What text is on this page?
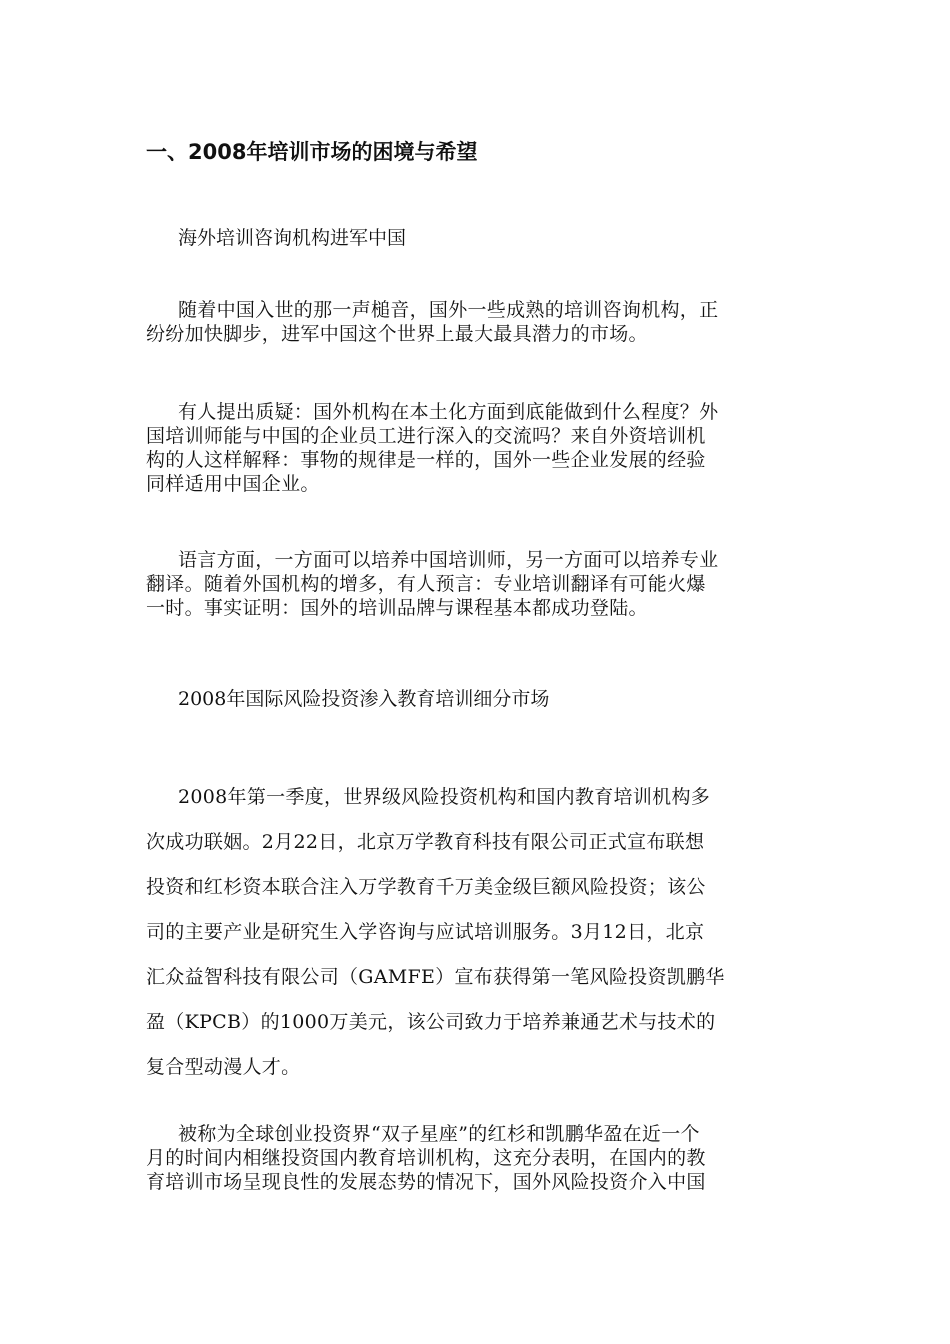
一、2008年培训市场的困境与希望
海外培训咨询机构进军中国
随着中国入世的那一声槌音，国外一些成熟的培训咨询机构，正
纷纷加快脚步，进军中国这个世界上最大最具潜力的市场。
有人提出质疑：国外机构在本土化方面到底能做到什么程度？外
国培训师能与中国的企业员工进行深入的交流吗？来自外资培训机
构的人这样解释：事物的规律是一样的，国外一些企业发展的经验
同样适用中国企业。
语言方面，一方面可以培养中国培训师，另一方面可以培养专业
翻译。随着外国机构的增多，有人预言：专业培训翻译有可能火爆
一时。事实证明：国外的培训品牌与课程基本都成功登陆。
2008年国际风险投资渗入教育培训细分市场
2008年第一季度，世界级风险投资机构和国内教育培训机构多
次成功联姻。2月22日，北京万学教育科技有限公司正式宣布联想
投资和红杉资本联合注入万学教育千万美金级巨额风险投资；该公
司的主要产业是研究生入学咨询与应试培训服务。3月12日，北京
汇众益智科技有限公司（GAMFE）宣布获得第一笔风险投资凯鹏华
盈（KPCB）的1000万美元，该公司致力于培养兼通艺术与技术的
复合型动漫人才。
被称为全球创业投资界“双子星座”的红杉和凯鹏华盈在近一个
月的时间内相继投资国内教育培训机构，这充分表明，在国内的教
育培训市场呈现良性的发展态势的情况下，国外风险投资介入中国
